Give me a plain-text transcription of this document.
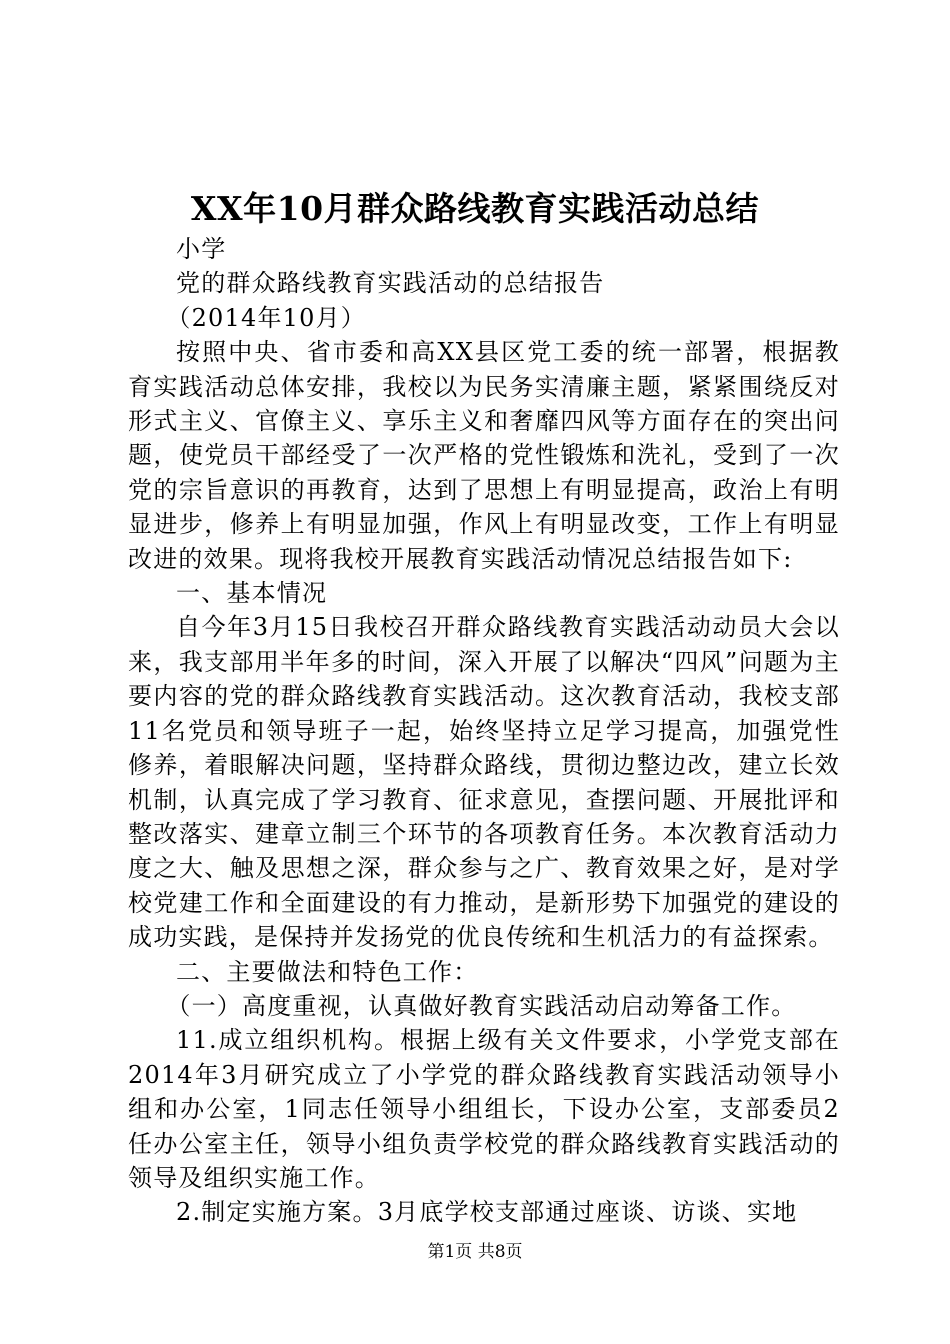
XX年10月群众路线教育实践活动总结

小学

党的群众路线教育实践活动的总结报告

（2014年10月）

按照中央、省市委和高XX县区党工委的统一部署，根据教育实践活动总体安排，我校以为民务实清廉主题，紧紧围绕反对形式主义、官僚主义、享乐主义和奢靡四风等方面存在的突出问题，使党员干部经受了一次严格的党性锻炼和洗礼，受到了一次党的宗旨意识的再教育，达到了思想上有明显提高，政治上有明显进步，修养上有明显加强，作风上有明显改变，工作上有明显改进的效果。现将我校开展教育实践活动情况总结报告如下:

一、基本情况

自今年3月15日我校召开群众路线教育实践活动动员大会以来，我支部用半年多的时间，深入开展了以解决“四风”问题为主要内容的党的群众路线教育实践活动。这次教育活动，我校支部11名党员和领导班子一起，始终坚持立足学习提高，加强党性修养，着眼解决问题，坚持群众路线，贯彻边整边改，建立长效机制，认真完成了学习教育、征求意见，查摆问题、开展批评和整改落实、建章立制三个环节的各项教育任务。本次教育活动力度之大、触及思想之深，群众参与之广、教育效果之好，是对学校党建工作和全面建设的有力推动，是新形势下加强党的建设的成功实践，是保持并发扬党的优良传统和生机活力的有益探索。

二、主要做法和特色工作：

（一）高度重视，认真做好教育实践活动启动筹备工作。

11.成立组织机构。根据上级有关文件要求，小学党支部在2014年3月研究成立了小学党的群众路线教育实践活动领导小组和办公室，1同志任领导小组组长，下设办公室，支部委员2任办公室主任，领导小组负责学校党的群众路线教育实践活动的领导及组织实施工作。

2.制定实施方案。3月底学校支部通过座谈、访谈、实地

第1页 共8页
